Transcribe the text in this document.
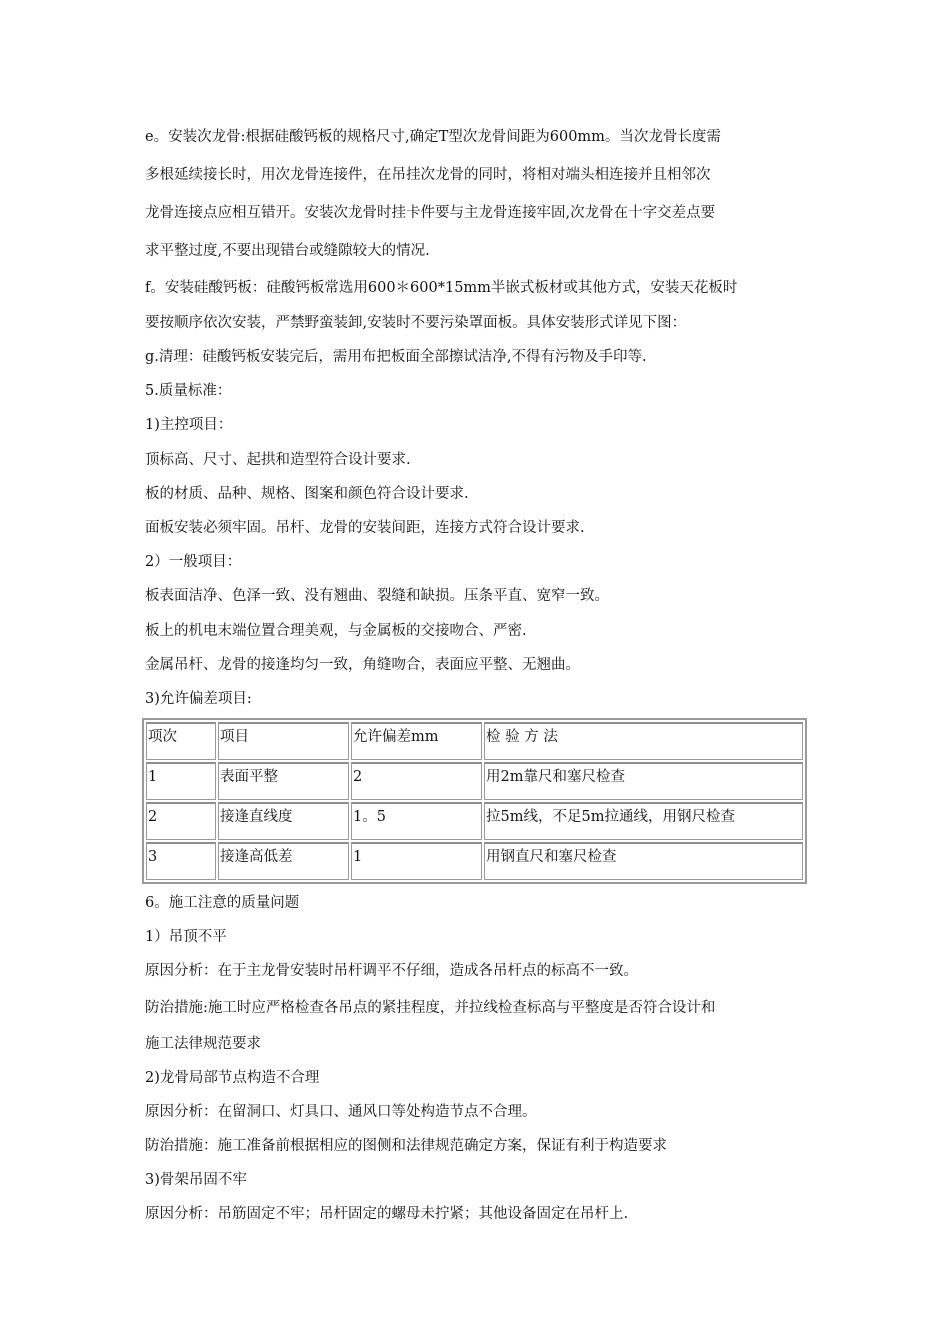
e。安装次龙骨:根据硅酸钙板的规格尺寸,确定T型次龙骨间距为600mm。当次龙骨长度需

多根延续接长时，用次龙骨连接件，在吊挂次龙骨的同时，将相对端头相连接并且相邻次

龙骨连接点应相互错开。安装次龙骨时挂卡件要与主龙骨连接牢固,次龙骨在十字交差点要

求平整过度,不要出现错台或缝隙较大的情况.

f。安装硅酸钙板：硅酸钙板常选用600＊600*15mm半嵌式板材或其他方式，安装天花板时

要按顺序依次安装，严禁野蛮装卸,安装时不要污染罩面板。具体安装形式详见下图：

g.清理：硅酸钙板安装完后，需用布把板面全部擦试洁净,不得有污物及手印等.

5.质量标准：

1)主控项目：

顶标高、尺寸、起拱和造型符合设计要求.

板的材质、品种、规格、图案和颜色符合设计要求.

面板安装必须牢固。吊杆、龙骨的安装间距，连接方式符合设计要求.

2）一般项目：

板表面洁净、色泽一致、没有翘曲、裂缝和缺损。压条平直、宽窄一致。

板上的机电末端位置合理美观，与金属板的交接吻合、严密.

金属吊杆、龙骨的接逢均匀一致，角缝吻合，表面应平整、无翘曲。

3)允许偏差项目:

项次	项目	允许偏差mm	检 验 方 法
1	表面平整	2	用2m靠尺和塞尺检查
2	接逢直线度	1。5	拉5m线，不足5m拉通线，用钢尺检查
3	接逢高低差	1	用钢直尺和塞尺检查

6。施工注意的质量问题

1）吊顶不平

原因分析：在于主龙骨安装时吊杆调平不仔细，造成各吊杆点的标高不一致。

防治措施:施工时应严格检查各吊点的紧挂程度，并拉线检查标高与平整度是否符合设计和

施工法律规范要求

2)龙骨局部节点构造不合理

原因分析：在留洞口、灯具口、通风口等处构造节点不合理。

防治措施：施工准备前根据相应的图侧和法律规范确定方案，保证有利于构造要求

3)骨架吊固不牢

原因分析：吊筋固定不牢；吊杆固定的螺母未拧紧；其他设备固定在吊杆上.
